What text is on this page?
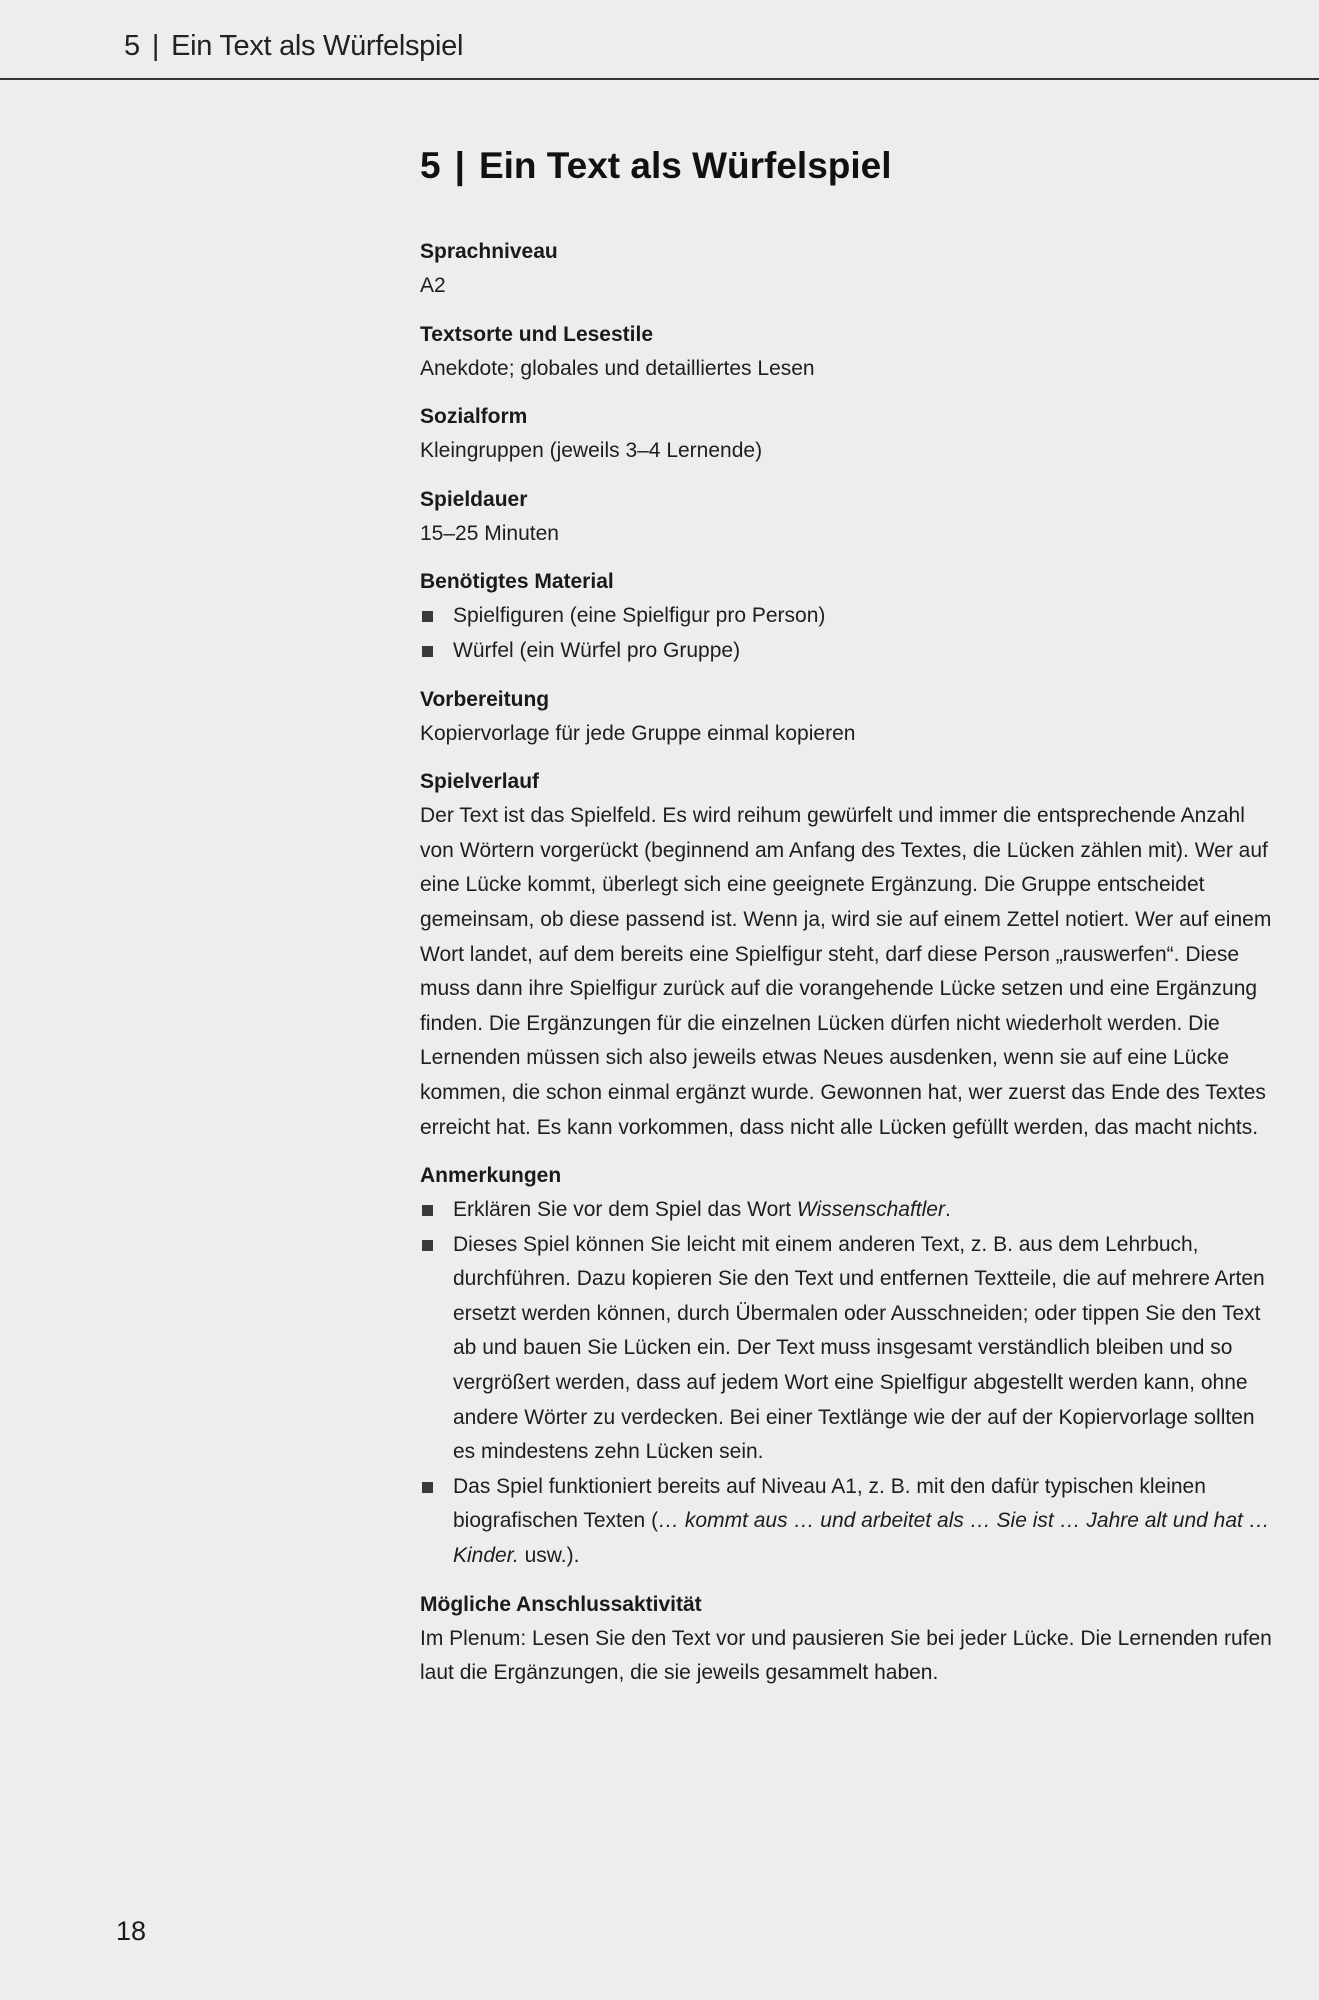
5 | Ein Text als Würfelspiel
5 | Ein Text als Würfelspiel
Sprachniveau
A2
Textsorte und Lesestile
Anekdote; globales und detailliertes Lesen
Sozialform
Kleingruppen (jeweils 3–4 Lernende)
Spieldauer
15–25 Minuten
Benötigtes Material
Spielfiguren (eine Spielfigur pro Person)
Würfel (ein Würfel pro Gruppe)
Vorbereitung
Kopiervorlage für jede Gruppe einmal kopieren
Spielverlauf
Der Text ist das Spielfeld. Es wird reihum gewürfelt und immer die entsprechende Anzahl von Wörtern vorgerückt (beginnend am Anfang des Textes, die Lücken zählen mit). Wer auf eine Lücke kommt, überlegt sich eine geeignete Ergänzung. Die Gruppe entscheidet gemeinsam, ob diese passend ist. Wenn ja, wird sie auf einem Zettel notiert. Wer auf einem Wort landet, auf dem bereits eine Spielfigur steht, darf diese Person „rauswerfen“. Diese muss dann ihre Spielfigur zurück auf die vorangehende Lücke setzen und eine Ergänzung finden. Die Ergänzungen für die einzelnen Lücken dürfen nicht wiederholt werden. Die Lernenden müssen sich also jeweils etwas Neues ausdenken, wenn sie auf eine Lücke kommen, die schon einmal ergänzt wurde. Gewonnen hat, wer zuerst das Ende des Textes erreicht hat. Es kann vorkommen, dass nicht alle Lücken gefüllt werden, das macht nichts.
Anmerkungen
Erklären Sie vor dem Spiel das Wort Wissenschaftler.
Dieses Spiel können Sie leicht mit einem anderen Text, z. B. aus dem Lehrbuch, durchführen. Dazu kopieren Sie den Text und entfernen Textteile, die auf mehrere Arten ersetzt werden können, durch Übermalen oder Ausschneiden; oder tippen Sie den Text ab und bauen Sie Lücken ein. Der Text muss insgesamt verständlich bleiben und so vergrößert werden, dass auf jedem Wort eine Spielfigur abgestellt werden kann, ohne andere Wörter zu verdecken. Bei einer Textlänge wie der auf der Kopiervorlage sollten es mindestens zehn Lücken sein.
Das Spiel funktioniert bereits auf Niveau A1, z. B. mit den dafür typischen kleinen biografischen Texten (… kommt aus … und arbeitet als … Sie ist … Jahre alt und hat … Kinder. usw.).
Mögliche Anschlussaktivität
Im Plenum: Lesen Sie den Text vor und pausieren Sie bei jeder Lücke. Die Lernenden rufen laut die Ergänzungen, die sie jeweils gesammelt haben.
18
